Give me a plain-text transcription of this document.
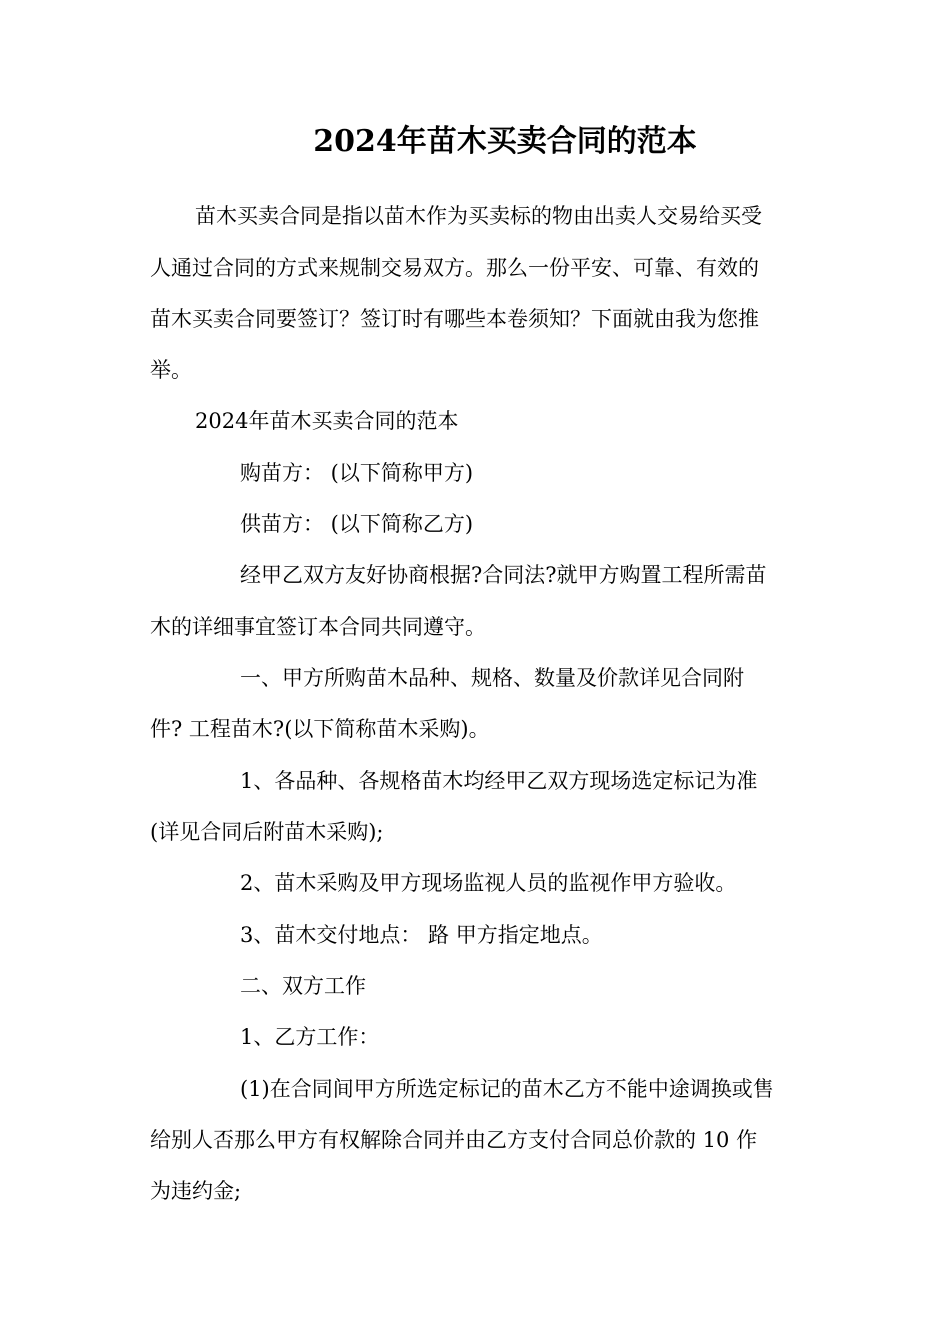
2024年苗木买卖合同的范本
苗木买卖合同是指以苗木作为买卖标的物由出卖人交易给买受
人通过合同的方式来规制交易双方。那么一份平安、可靠、有效的
苗木买卖合同要签订？签订时有哪些本卷须知？下面就由我为您推
举。
2024年苗木买卖合同的范本
购苗方： (以下简称甲方)
供苗方： (以下简称乙方)
经甲乙双方友好协商根据?合同法?就甲方购置工程所需苗
木的详细事宜签订本合同共同遵守。
一、甲方所购苗木品种、规格、数量及价款详见合同附
件? 工程苗木?(以下简称苗木采购)。
1、各品种、各规格苗木均经甲乙双方现场选定标记为准
(详见合同后附苗木采购);
2、苗木采购及甲方现场监视人员的监视作甲方验收。
3、苗木交付地点： 路 甲方指定地点。
二、双方工作
1、乙方工作：
(1)在合同间甲方所选定标记的苗木乙方不能中途调换或售
给别人否那么甲方有权解除合同并由乙方支付合同总价款的 10 作
为违约金;
